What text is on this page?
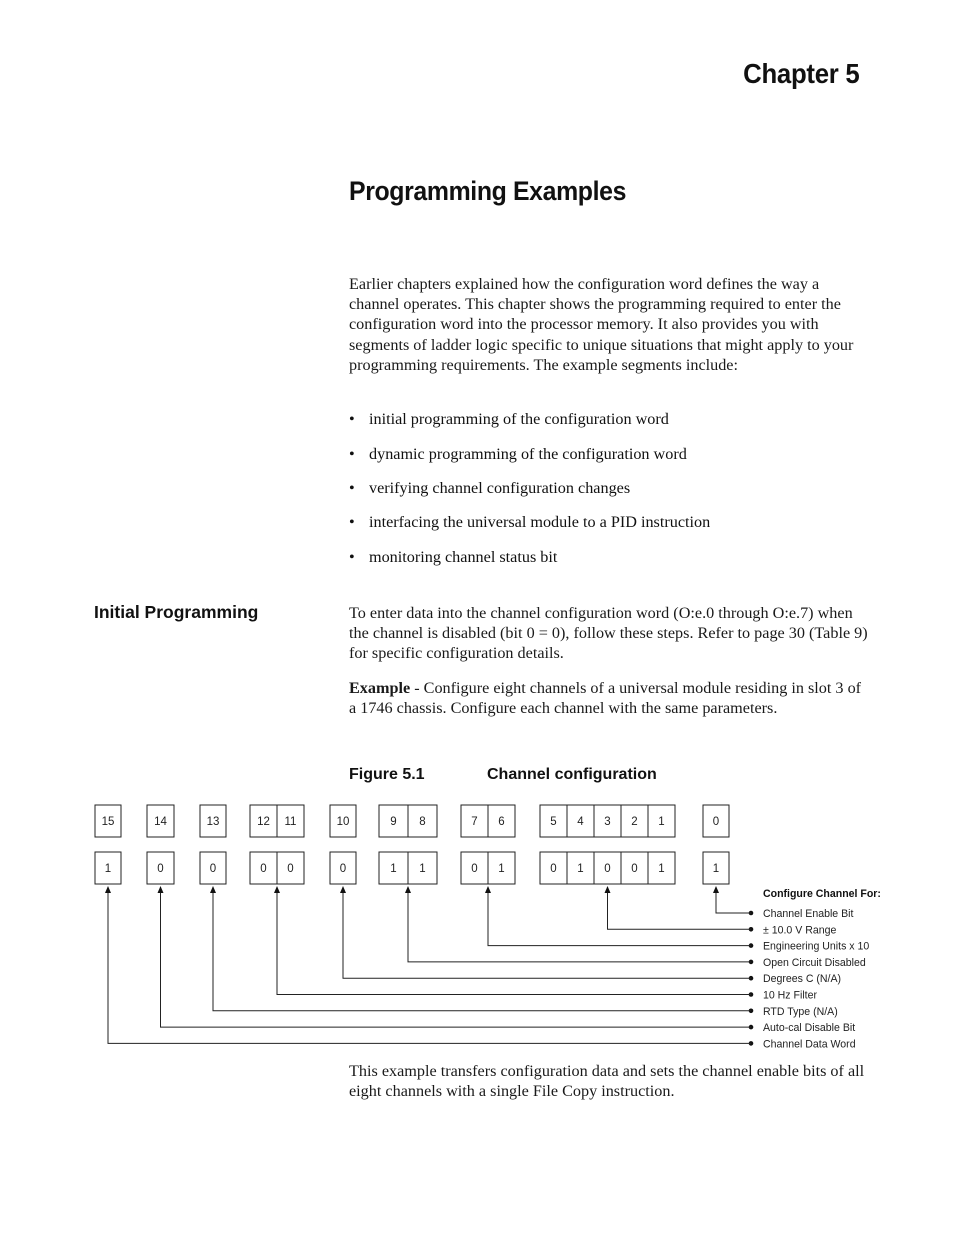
Chapter 5
Programming Examples
Earlier chapters explained how the configuration word defines the way a channel operates. This chapter shows the programming required to enter the configuration word into the processor memory. It also provides you with segments of ladder logic specific to unique situations that might apply to your programming requirements. The example segments include:
• initial programming of the configuration word
• dynamic programming of the configuration word
• verifying channel configuration changes
• interfacing the universal module to a PID instruction
• monitoring channel status bit
Initial Programming	To enter data into the channel configuration word (O:e.0 through O:e.7) when the channel is disabled (bit 0 = 0), follow these steps. Refer to page 30 (Table 9) for specific configuration details.
Example - Configure eight channels of a universal module residing in slot 3 of a 1746 chassis. Configure each channel with the same parameters.
Figure 5.1	Channel configuration
15
1
14
0
13
0
12 11
0 0
10
0
9 8
1 1
7 6
0 1
5 4 3 2 1
0 1 0 0 1
0
1
Configure Channel For:
Channel Enable Bit
± 10.0 V Range
Engineering Units x 10
Open Circuit Disabled
Degrees C (N/A)
10 Hz Filter
RTD Type (N/A)
Auto-cal Disable Bit
Channel Data Word
This example transfers configuration data and sets the channel enable bits of all eight channels with a single File Copy instruction.
